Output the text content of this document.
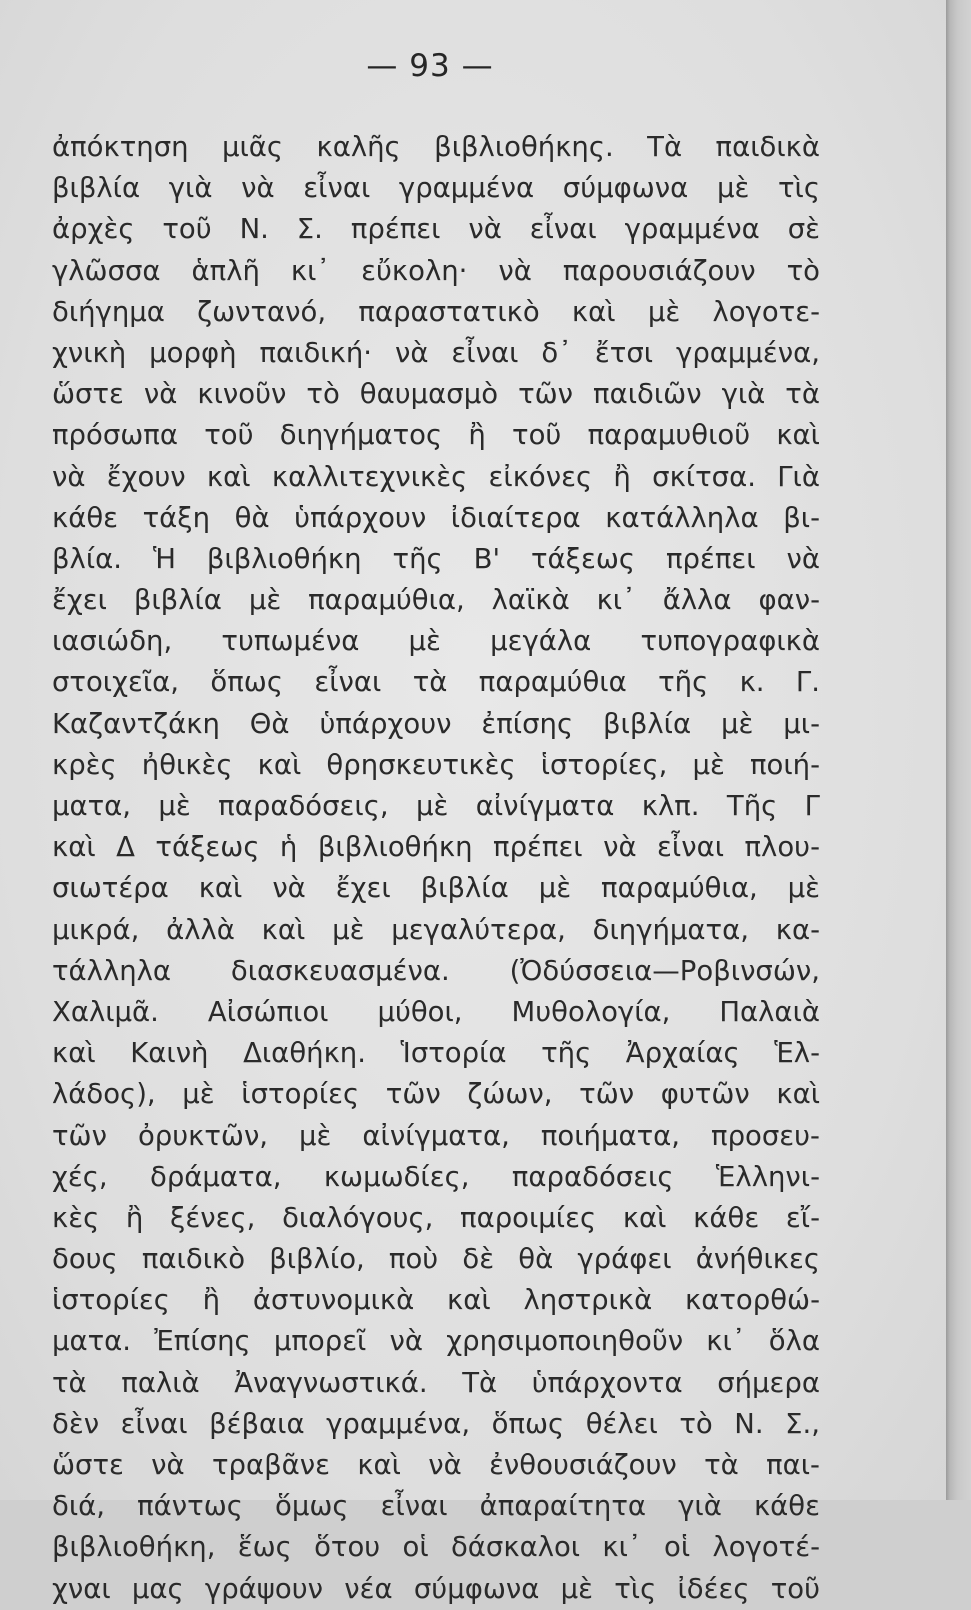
— 93 —
ἀπόκτηση μιᾶς καλῆς βιβλιοθήκης. Τὰ παιδικὰ
βιβλία γιὰ νὰ εἶναι γραμμένα σύμφωνα μὲ τὶς
ἀρχὲς τοῦ Ν. Σ. πρέπει νὰ εἶναι γραμμένα σὲ
γλῶσσα ἁπλῆ κι᾽ εὔκολη· νὰ παρουσιάζουν τὸ
διήγημα ζωντανό, παραστατικὸ καὶ μὲ λογοτε-
χνικὴ μορφὴ παιδική· νὰ εἶναι δ᾽ ἔτσι γραμμένα,
ὥστε νὰ κινοῦν τὸ θαυμασμὸ τῶν παιδιῶν γιὰ τὰ
πρόσωπα τοῦ διηγήματος ἢ τοῦ παραμυθιοῦ καὶ
νὰ ἔχουν καὶ καλλιτεχνικὲς εἰκόνες ἢ σκίτσα. Γιὰ
κάθε τάξη θὰ ὑπάρχουν ἰδιαίτερα κατάλληλα βι-
βλία. Ἡ βιβλιοθήκη τῆς Β' τάξεως πρέπει νὰ
ἔχει βιβλία μὲ παραμύθια, λαϊκὰ κι᾽ ἄλλα φαν-
ιασιώδη, τυπωμένα μὲ μεγάλα τυπογραφικὰ
στοιχεῖα, ὅπως εἶναι τὰ παραμύθια τῆς κ. Γ.
Καζαντζάκη Θὰ ὑπάρχουν ἐπίσης βιβλία μὲ μι-
κρὲς ἠθικὲς καὶ θρησκευτικὲς ἱστορίες, μὲ ποιή-
ματα, μὲ παραδόσεις, μὲ αἰνίγματα κλπ. Τῆς Γ
καὶ Δ τάξεως ἡ βιβλιοθήκη πρέπει νὰ εἶναι πλου-
σιωτέρα καὶ νὰ ἔχει βιβλία μὲ παραμύθια, μὲ
μικρά, ἀλλὰ καὶ μὲ μεγαλύτερα, διηγήματα, κα-
τάλληλα διασκευασμένα. (Ὀδύσσεια—Ροβινσών,
Χαλιμᾶ. Αἰσώπιοι μύθοι, Μυθολογία, Παλαιὰ
καὶ Καινὴ Διαθήκη. Ἱστορία τῆς Ἀρχαίας Ἑλ-
λάδος), μὲ ἱστορίες τῶν ζώων, τῶν φυτῶν καὶ
τῶν ὀρυκτῶν, μὲ αἰνίγματα, ποιήματα, προσευ-
χές, δράματα, κωμωδίες, παραδόσεις Ἑλληνι-
κὲς ἢ ξένες, διαλόγους, παροιμίες καὶ κάθε εἴ-
δους παιδικὸ βιβλίο, ποὺ δὲ θὰ γράφει ἀνήθικες
ἱστορίες ἢ ἀστυνομικὰ καὶ ληστρικὰ κατορθώ-
ματα. Ἐπίσης μπορεῖ νὰ χρησιμοποιηθοῦν κι᾽ ὅλα
τὰ παλιὰ Ἀναγνωστικά. Τὰ ὑπάρχοντα σήμερα
δὲν εἶναι βέβαια γραμμένα, ὅπως θέλει τὸ Ν. Σ.,
ὥστε νὰ τραβᾶνε καὶ νὰ ἐνθουσιάζουν τὰ παι-
διά, πάντως ὅμως εἶναι ἀπαραίτητα γιὰ κάθε
βιβλιοθήκη, ἕως ὅτου οἱ δάσκαλοι κι᾽ οἱ λογοτέ-
χναι μας γράψουν νέα σύμφωνα μὲ τὶς ἰδέες τοῦ
